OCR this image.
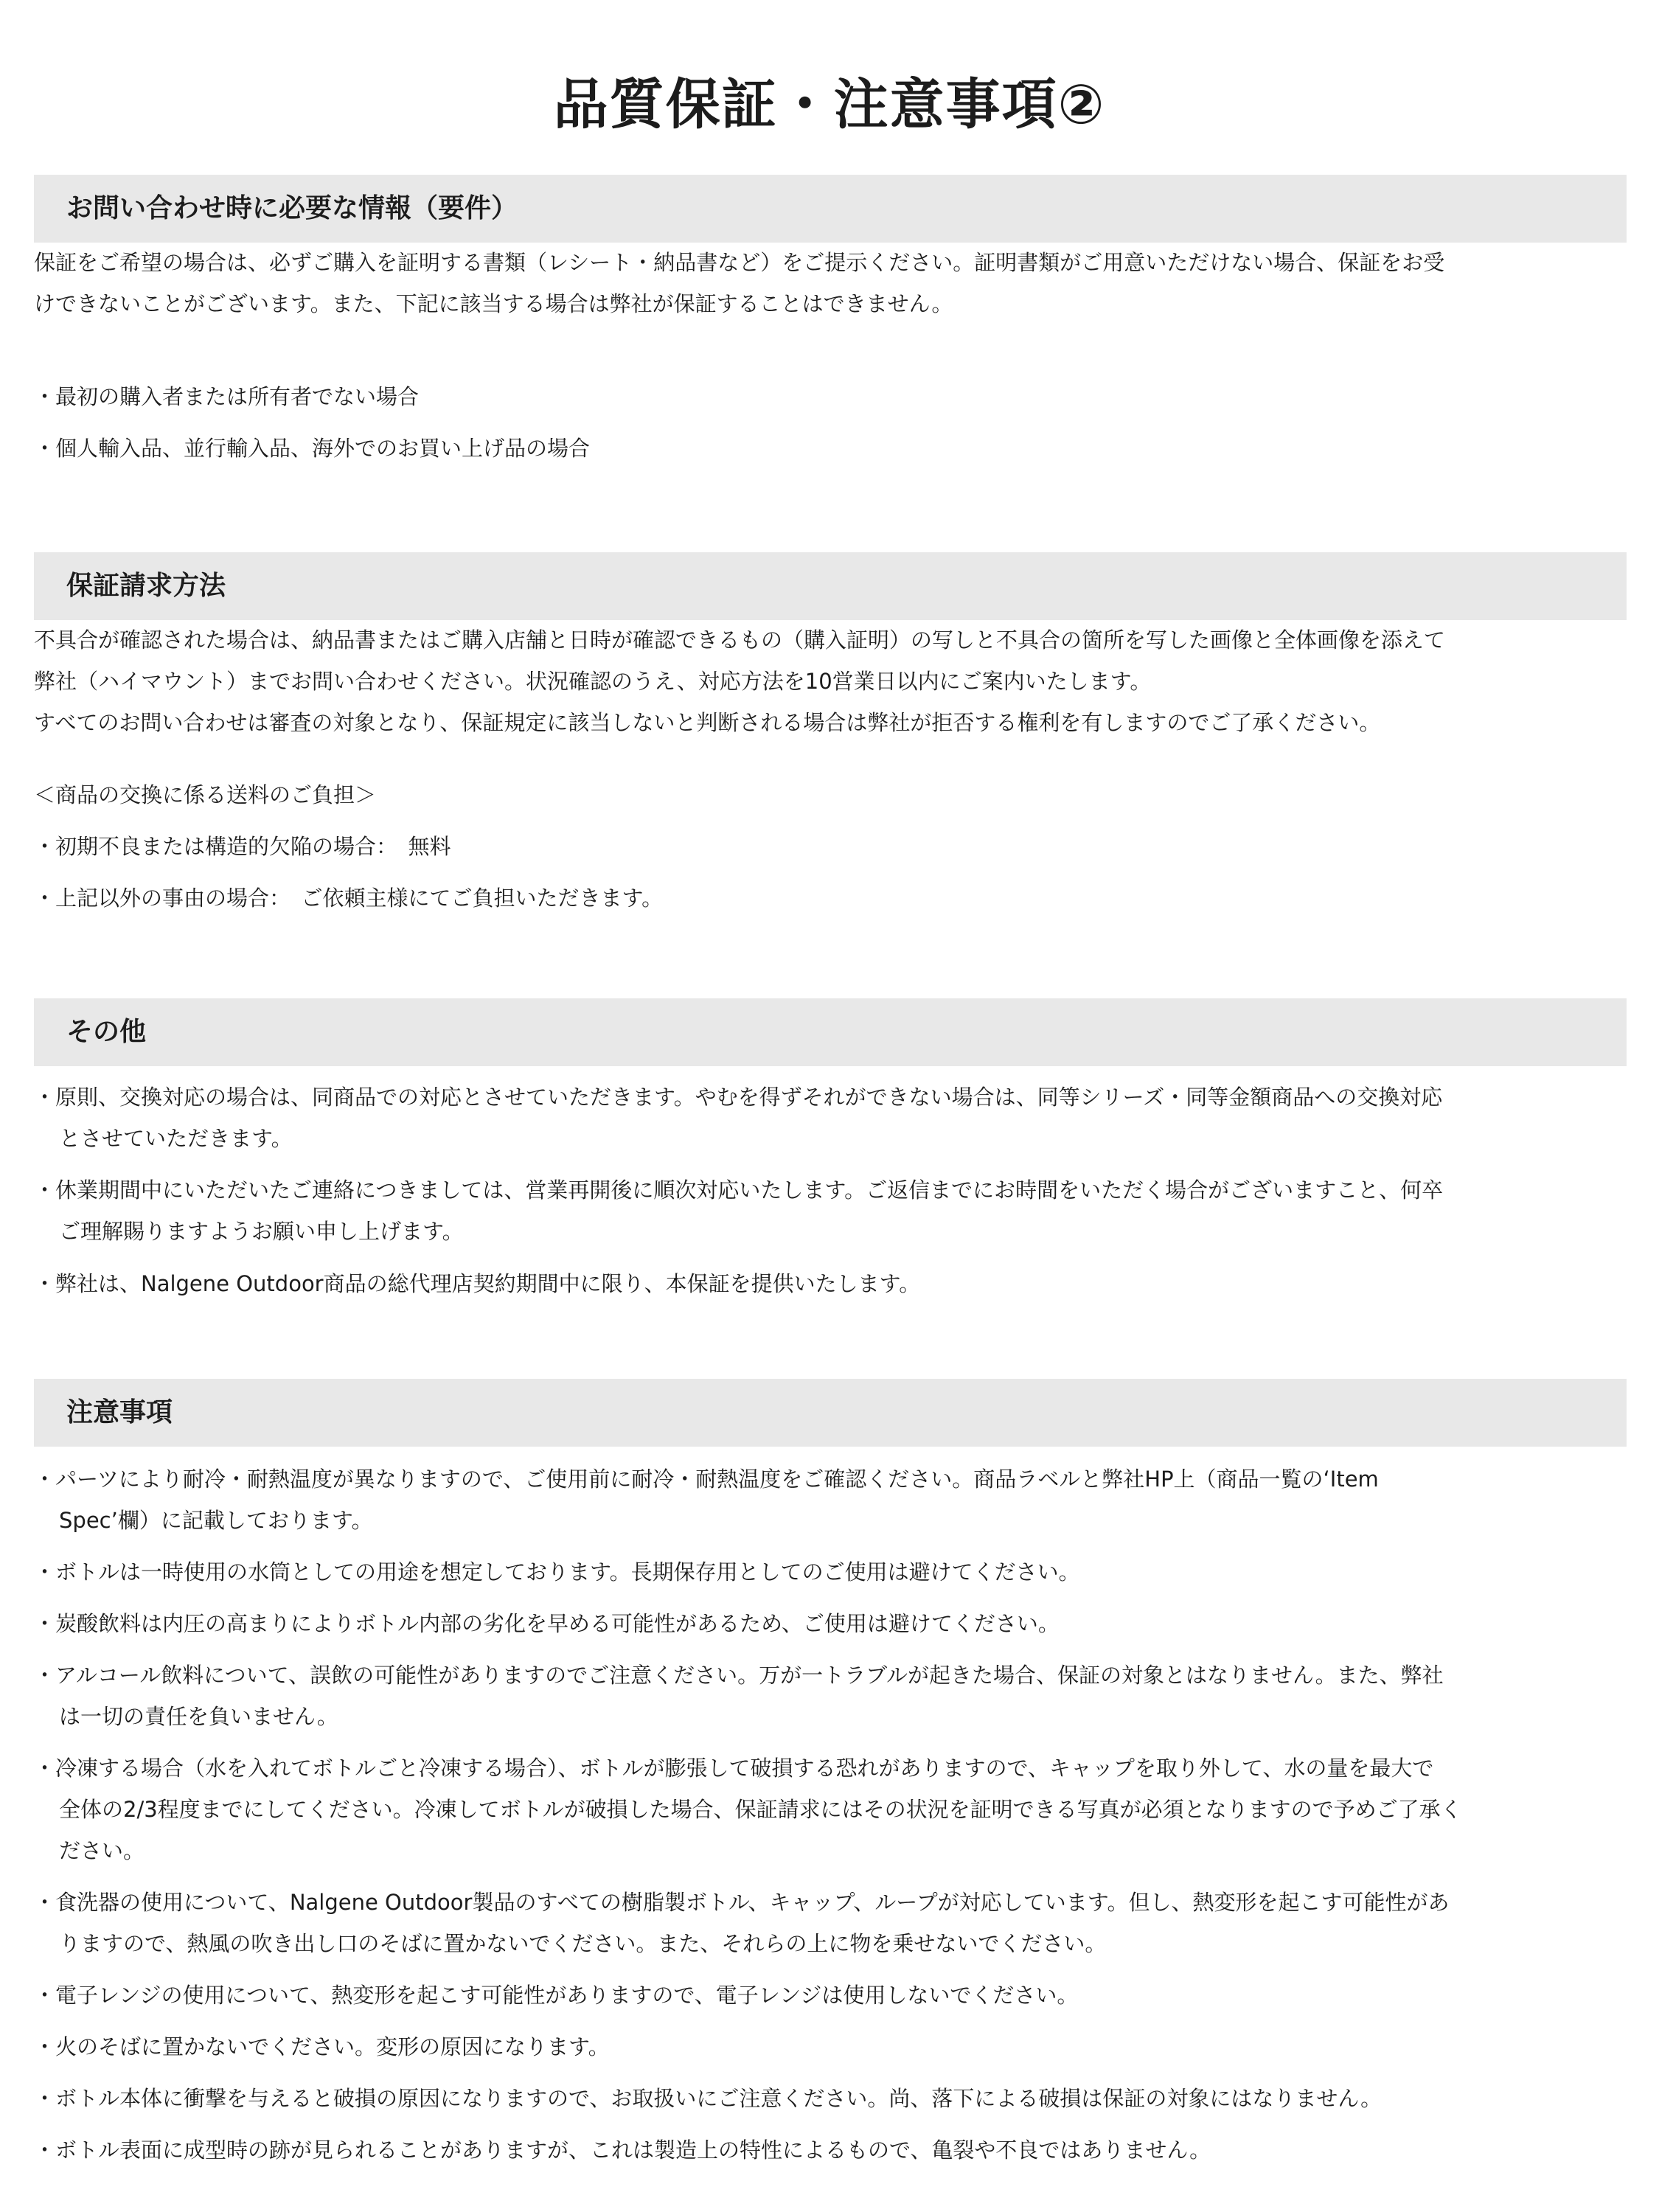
品質保証・注意事項②
お問い合わせ時に必要な情報（要件）
保証をご希望の場合は、必ずご購入を証明する書類（レシート・納品書など）をご提示ください。証明書類がご用意いただけない場合、保証をお受
けできないことがございます。また、下記に該当する場合は弊社が保証することはできません。
・最初の購入者または所有者でない場合
・個人輸入品、並行輸入品、海外でのお買い上げ品の場合
保証請求方法
不具合が確認された場合は、納品書またはご購入店舗と日時が確認できるもの（購入証明）の写しと不具合の箇所を写した画像と全体画像を添えて
弊社（ハイマウント）までお問い合わせください。状況確認のうえ、対応方法を10営業日以内にご案内いたします。
すべてのお問い合わせは審査の対象となり、保証規定に該当しないと判断される場合は弊社が拒否する権利を有しますのでご了承ください。
＜商品の交換に係る送料のご負担＞
・初期不良または構造的欠陥の場合：　無料
・上記以外の事由の場合：　ご依頼主様にてご負担いただきます。
その他
・原則、交換対応の場合は、同商品での対応とさせていただきます。やむを得ずそれができない場合は、同等シリーズ・同等金額商品への交換対応
とさせていただきます。
・休業期間中にいただいたご連絡につきましては、営業再開後に順次対応いたします。ご返信までにお時間をいただく場合がございますこと、何卒
ご理解賜りますようお願い申し上げます。
・弊社は、Nalgene Outdoor商品の総代理店契約期間中に限り、本保証を提供いたします。
注意事項
・パーツにより耐冷・耐熱温度が異なりますので、ご使用前に耐冷・耐熱温度をご確認ください。商品ラベルと弊社HP上（商品一覧の‘Item
Spec’欄）に記載しております。
・ボトルは一時使用の水筒としての用途を想定しております。長期保存用としてのご使用は避けてください。
・炭酸飲料は内圧の高まりによりボトル内部の劣化を早める可能性があるため、ご使用は避けてください。
・アルコール飲料について、誤飲の可能性がありますのでご注意ください。万が一トラブルが起きた場合、保証の対象とはなりません。また、弊社
は一切の責任を負いません。
・冷凍する場合（水を入れてボトルごと冷凍する場合）、ボトルが膨張して破損する恐れがありますので、キャップを取り外して、水の量を最大で
全体の2/3程度までにしてください。冷凍してボトルが破損した場合、保証請求にはその状況を証明できる写真が必須となりますので予めご了承く
ださい。
・食洗器の使用について、Nalgene Outdoor製品のすべての樹脂製ボトル、キャップ、ループが対応しています。但し、熱変形を起こす可能性があ
りますので、熱風の吹き出し口のそばに置かないでください。また、それらの上に物を乗せないでください。
・電子レンジの使用について、熱変形を起こす可能性がありますので、電子レンジは使用しないでください。
・火のそばに置かないでください。変形の原因になります。
・ボトル本体に衝撃を与えると破損の原因になりますので、お取扱いにご注意ください。尚、落下による破損は保証の対象にはなりません。
・ボトル表面に成型時の跡が見られることがありますが、これは製造上の特性によるもので、亀裂や不良ではありません。
